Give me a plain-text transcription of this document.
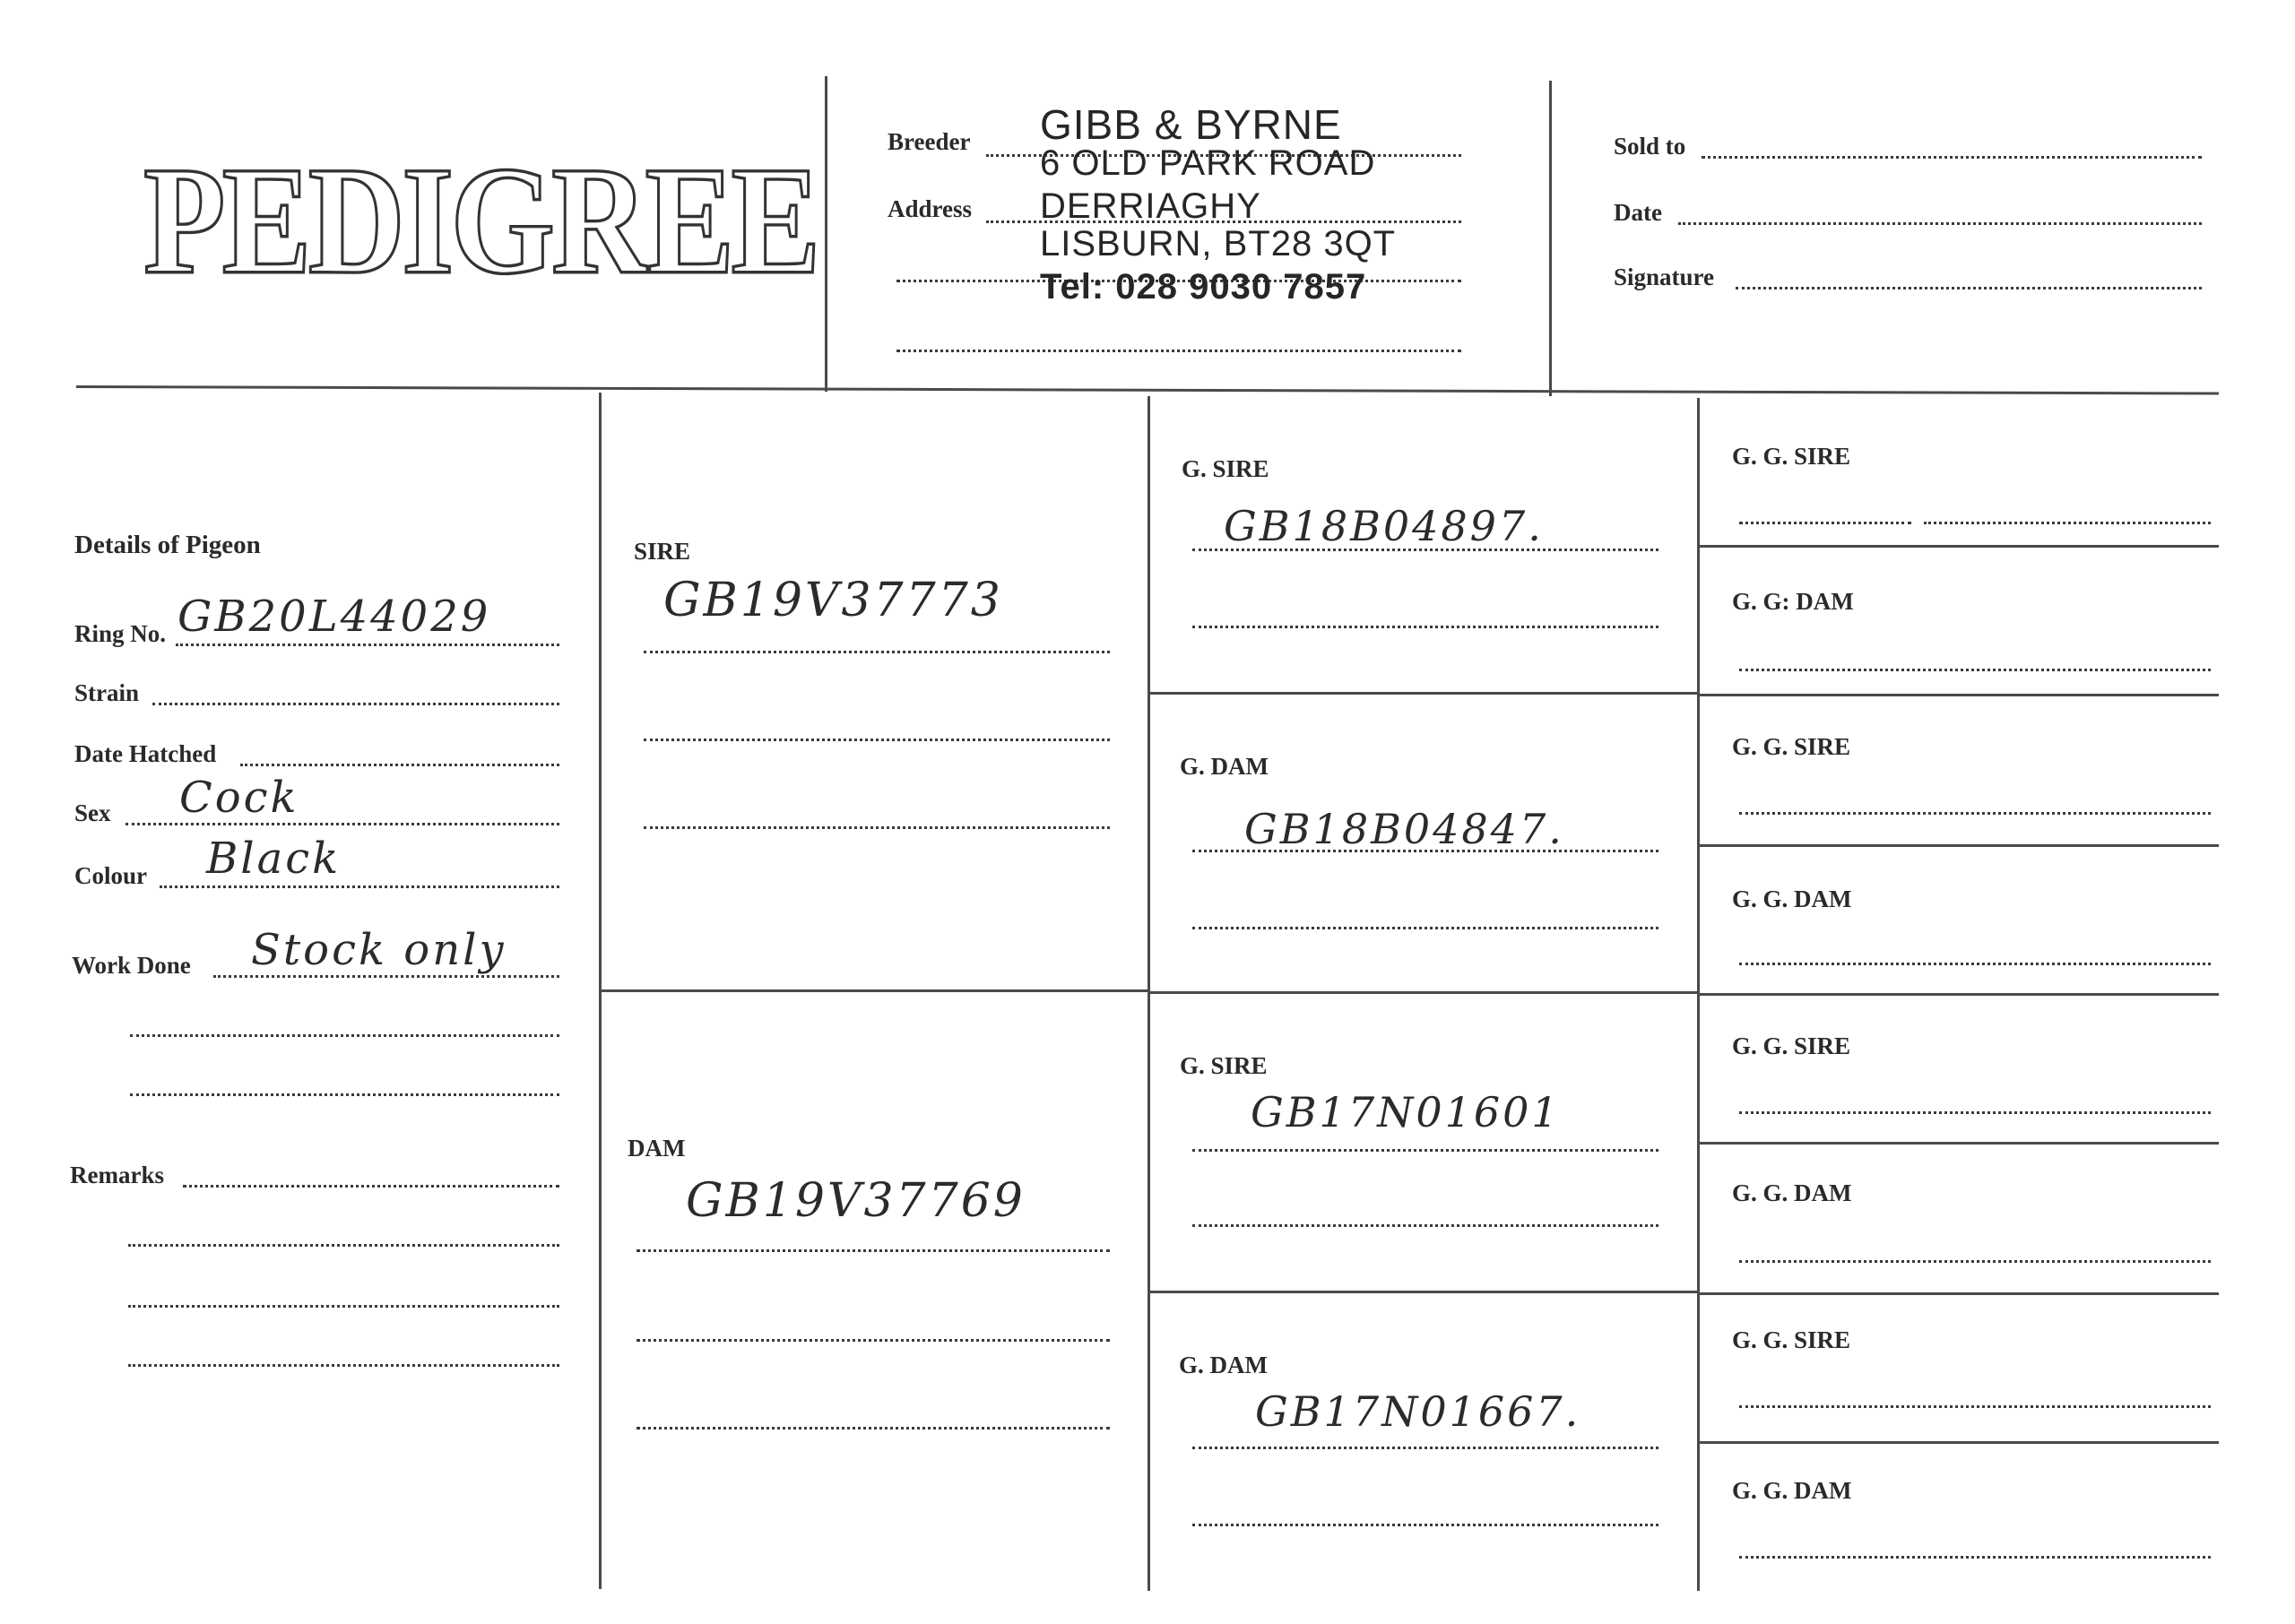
PEDIGREE	Breeder GIBB & BYRNE
6 OLD PARK ROAD
Address DERRIAGHY
LISBURN, BT28 3QT
Tel: 028 9030 7857
Sold to
Date
Signature
Details of Pigeon
Ring No. GB20L44029
Strain
Date Hatched
Sex Cock
Colour Black
Work Done Stock only
Remarks
SIRE
GB19V37773
DAM
GB19V37769
G. SIRE
GB18B04897.
G. DAM
GB18B04847.
G. SIRE
GB17N01601
G. DAM
GB17N01667.
G. G. SIRE
G. G: DAM
G. G. SIRE
G. G. DAM
G. G. SIRE
G. G. DAM
G. G. SIRE
G. G. DAM
